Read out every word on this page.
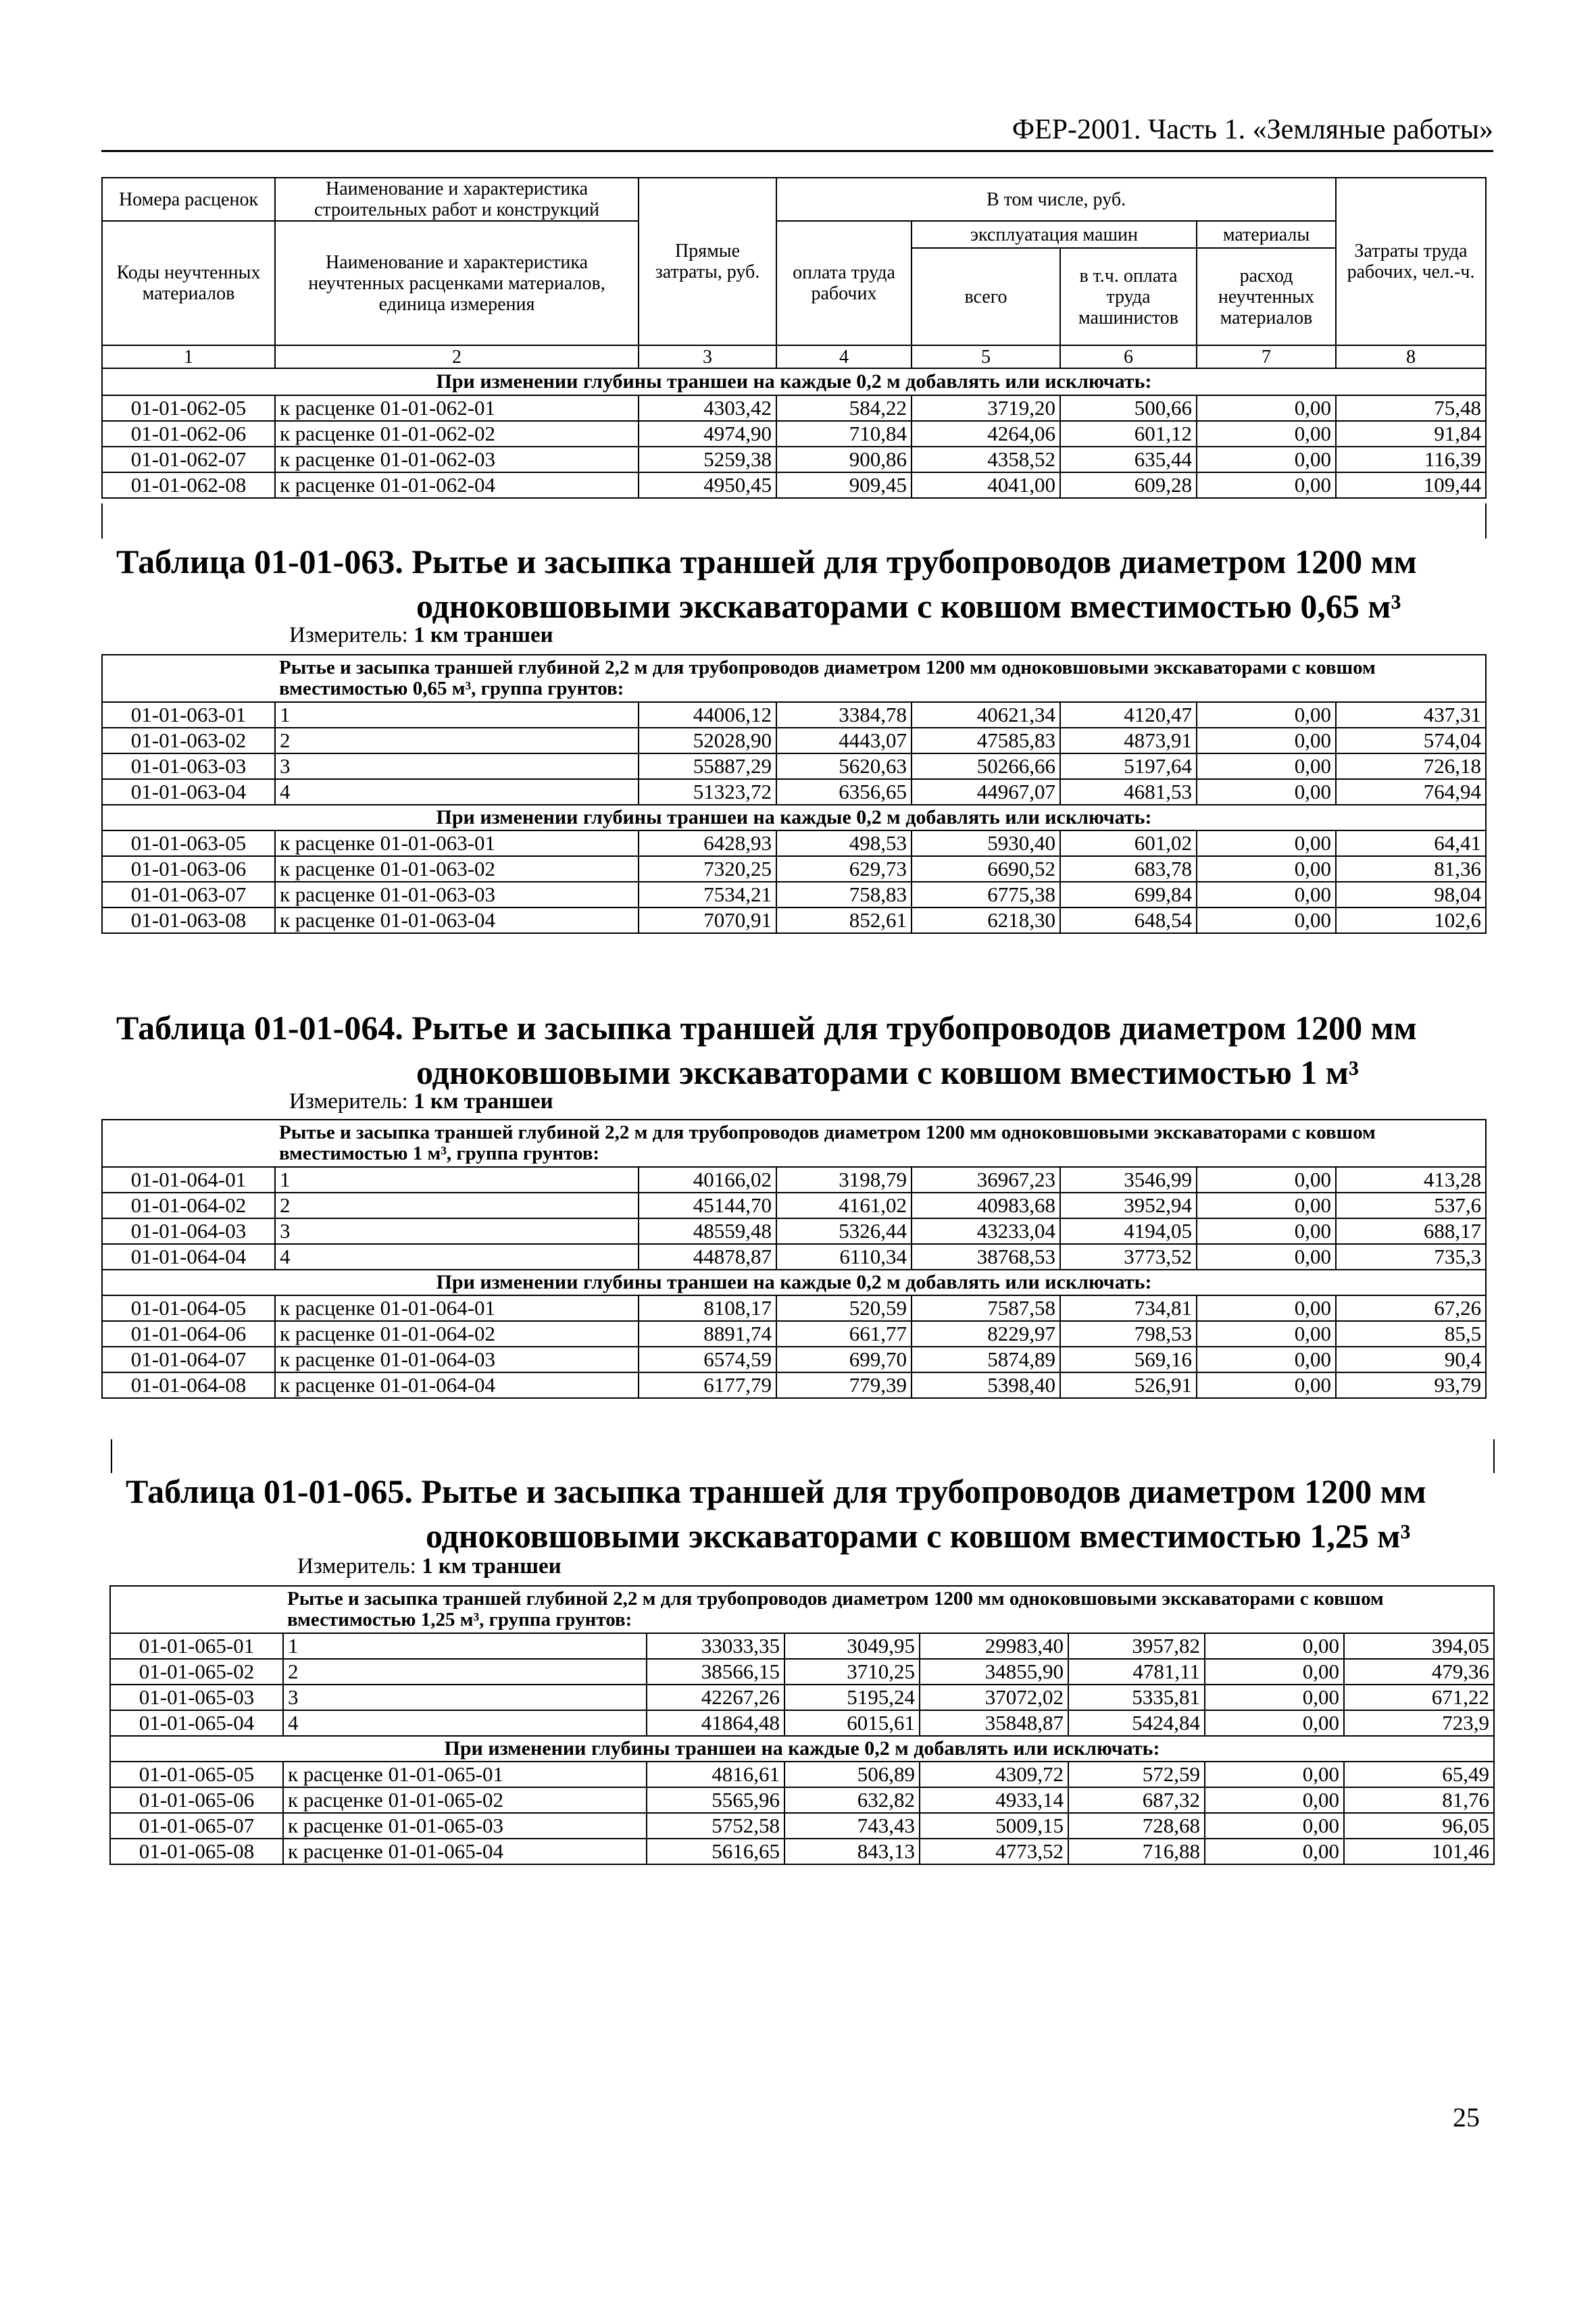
ФЕР-2001. Часть 1. «Земляные работы»
Номера расценок	Наименование и характеристика строительных работ и конструкций	Прямые затраты, руб.	В том числе, руб.				Затраты труда рабочих, чел.-ч.
Коды неучтенных материалов	Наименование и характеристика неучтенных расценками материалов, единица измерения		оплата труда рабочих	эксплуатация машин		материалы	
				всего	в т.ч. оплата труда машинистов	расход неучтенных материалов	

1	2	3	4	5	6	7	8
При изменении глубины траншеи на каждые 0,2 м добавлять или исключать:							
01-01-062-05	к расценке 01-01-062-01	4303,42	584,22	3719,20	500,66	0,00	75,48
01-01-062-06	к расценке 01-01-062-02	4974,90	710,84	4264,06	601,12	0,00	91,84
01-01-062-07	к расценке 01-01-062-03	5259,38	900,86	4358,52	635,44	0,00	116,39
01-01-062-08	к расценке 01-01-062-04	4950,45	909,45	4041,00	609,28	0,00	109,44
Таблица 01-01-063. Рытье и засыпка траншей для трубопроводов диаметром 1200 мм
одноковшовыми экскаваторами с ковшом вместимостью 0,65 м³
Измеритель: 1 км траншеи
	Рытье и засыпка траншей глубиной 2,2 м для трубопроводов диаметром 1200 мм одноковшовыми экскаваторами с ковшом вместимостью 0,65 м³, группа грунтов:						
01-01-063-01	1	44006,12	3384,78	40621,34	4120,47	0,00	437,31
01-01-063-02	2	52028,90	4443,07	47585,83	4873,91	0,00	574,04
01-01-063-03	3	55887,29	5620,63	50266,66	5197,64	0,00	726,18
01-01-063-04	4	51323,72	6356,65	44967,07	4681,53	0,00	764,94
При изменении глубины траншеи на каждые 0,2 м добавлять или исключать:							
01-01-063-05	к расценке 01-01-063-01	6428,93	498,53	5930,40	601,02	0,00	64,41
01-01-063-06	к расценке 01-01-063-02	7320,25	629,73	6690,52	683,78	0,00	81,36
01-01-063-07	к расценке 01-01-063-03	7534,21	758,83	6775,38	699,84	0,00	98,04
01-01-063-08	к расценке 01-01-063-04	7070,91	852,61	6218,30	648,54	0,00	102,6
Таблица 01-01-064. Рытье и засыпка траншей для трубопроводов диаметром 1200 мм
одноковшовыми экскаваторами с ковшом вместимостью 1 м³
Измеритель: 1 км траншеи
	Рытье и засыпка траншей глубиной 2,2 м для трубопроводов диаметром 1200 мм одноковшовыми экскаваторами с ковшом вместимостью 1 м³, группа грунтов:						
01-01-064-01	1	40166,02	3198,79	36967,23	3546,99	0,00	413,28
01-01-064-02	2	45144,70	4161,02	40983,68	3952,94	0,00	537,6
01-01-064-03	3	48559,48	5326,44	43233,04	4194,05	0,00	688,17
01-01-064-04	4	44878,87	6110,34	38768,53	3773,52	0,00	735,3
При изменении глубины траншеи на каждые 0,2 м добавлять или исключать:							
01-01-064-05	к расценке 01-01-064-01	8108,17	520,59	7587,58	734,81	0,00	67,26
01-01-064-06	к расценке 01-01-064-02	8891,74	661,77	8229,97	798,53	0,00	85,5
01-01-064-07	к расценке 01-01-064-03	6574,59	699,70	5874,89	569,16	0,00	90,4
01-01-064-08	к расценке 01-01-064-04	6177,79	779,39	5398,40	526,91	0,00	93,79
Таблица 01-01-065. Рытье и засыпка траншей для трубопроводов диаметром 1200 мм
одноковшовыми экскаваторами с ковшом вместимостью 1,25 м³
Измеритель: 1 км траншеи
	Рытье и засыпка траншей глубиной 2,2 м для трубопроводов диаметром 1200 мм одноковшовыми экскаваторами с ковшом вместимостью 1,25 м³, группа грунтов:						
01-01-065-01	1	33033,35	3049,95	29983,40	3957,82	0,00	394,05
01-01-065-02	2	38566,15	3710,25	34855,90	4781,11	0,00	479,36
01-01-065-03	3	42267,26	5195,24	37072,02	5335,81	0,00	671,22
01-01-065-04	4	41864,48	6015,61	35848,87	5424,84	0,00	723,9
При изменении глубины траншеи на каждые 0,2 м добавлять или исключать:							
01-01-065-05	к расценке 01-01-065-01	4816,61	506,89	4309,72	572,59	0,00	65,49
01-01-065-06	к расценке 01-01-065-02	5565,96	632,82	4933,14	687,32	0,00	81,76
01-01-065-07	к расценке 01-01-065-03	5752,58	743,43	5009,15	728,68	0,00	96,05
01-01-065-08	к расценке 01-01-065-04	5616,65	843,13	4773,52	716,88	0,00	101,46
25
